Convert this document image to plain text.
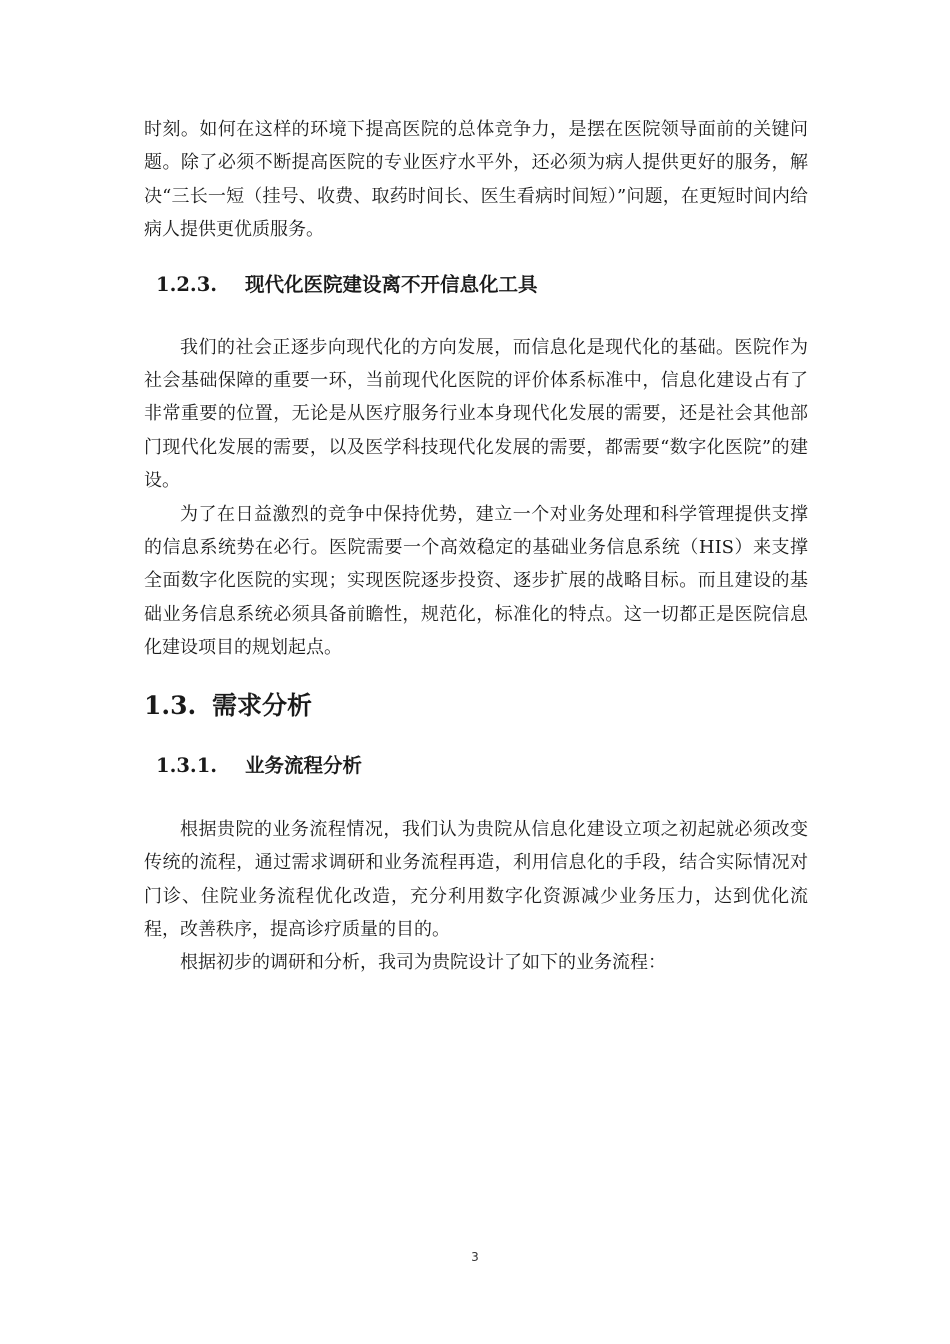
时刻。如何在这样的环境下提高医院的总体竞争力，是摆在医院领导面前的关键问题。除了必须不断提高医院的专业医疗水平外，还必须为病人提供更好的服务，解决“三长一短（挂号、收费、取药时间长、医生看病时间短）”问题，在更短时间内给病人提供更优质服务。

1.2.3. 现代化医院建设离不开信息化工具

我们的社会正逐步向现代化的方向发展，而信息化是现代化的基础。医院作为社会基础保障的重要一环，当前现代化医院的评价体系标准中，信息化建设占有了非常重要的位置，无论是从医疗服务行业本身现代化发展的需要，还是社会其他部门现代化发展的需要，以及医学科技现代化发展的需要，都需要“数字化医院”的建设。

为了在日益激烈的竞争中保持优势，建立一个对业务处理和科学管理提供支撑的信息系统势在必行。医院需要一个高效稳定的基础业务信息系统（HIS）来支撑全面数字化医院的实现；实现医院逐步投资、逐步扩展的战略目标。而且建设的基础业务信息系统必须具备前瞻性，规范化，标准化的特点。这一切都正是医院信息化建设项目的规划起点。

1.3. 需求分析
1.3.1. 业务流程分析

根据贵院的业务流程情况，我们认为贵院从信息化建设立项之初起就必须改变传统的流程，通过需求调研和业务流程再造，利用信息化的手段，结合实际情况对门诊、住院业务流程优化改造，充分利用数字化资源减少业务压力，达到优化流程，改善秩序，提高诊疗质量的目的。

根据初步的调研和分析，我司为贵院设计了如下的业务流程：

3
